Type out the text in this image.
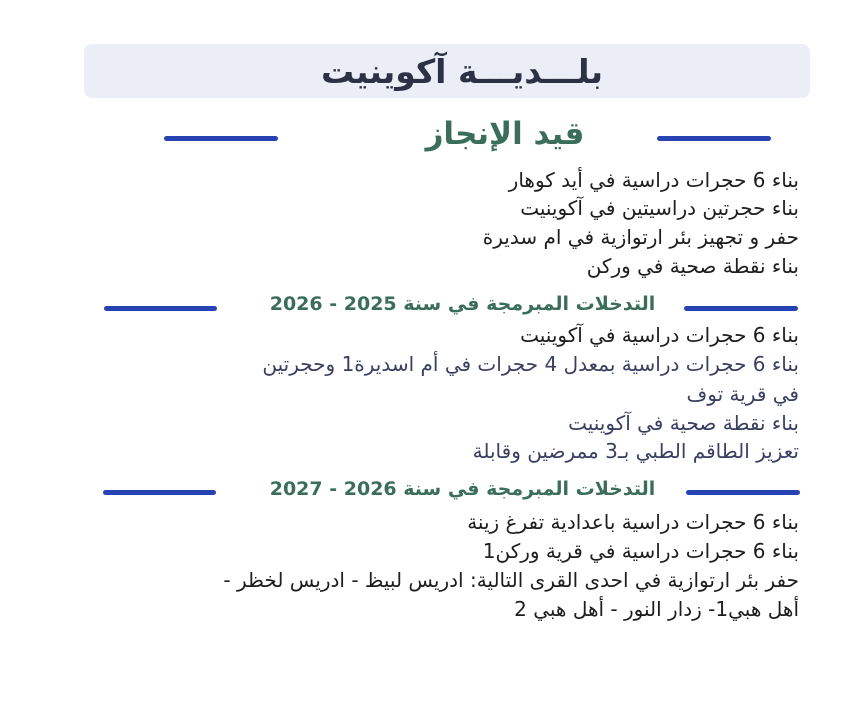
بلـــديـــة آكوينيت
قيد الإنجاز
بناء 6 حجرات دراسية في أيد كوهار
بناء حجرتين دراسيتين في آكوينيت
حفر و تجهيز بئر ارتوازية في ام سديرة
بناء نقطة صحية في وركن
التدخلات المبرمجة في سنة 2025 - 2026
بناء 6 حجرات دراسية في آكوينيت
بناء 6 حجرات دراسية بمعدل 4 حجرات في أم اسديرة1 وحجرتين
في قرية توف
بناء نقطة صحية في آكوينيت
تعزيز الطاقم الطبي بـ3 ممرضين وقابلة
التدخلات المبرمجة في سنة 2026 - 2027
بناء 6 حجرات دراسية باعدادية تفرغ زينة
بناء 6 حجرات دراسية في قرية وركن1
حفر بئر ارتوازية في احدى القرى التالية: ادريس لبيظ - ادريس لخظر -
أهل هبي1- زدار النور - أهل هبي 2
